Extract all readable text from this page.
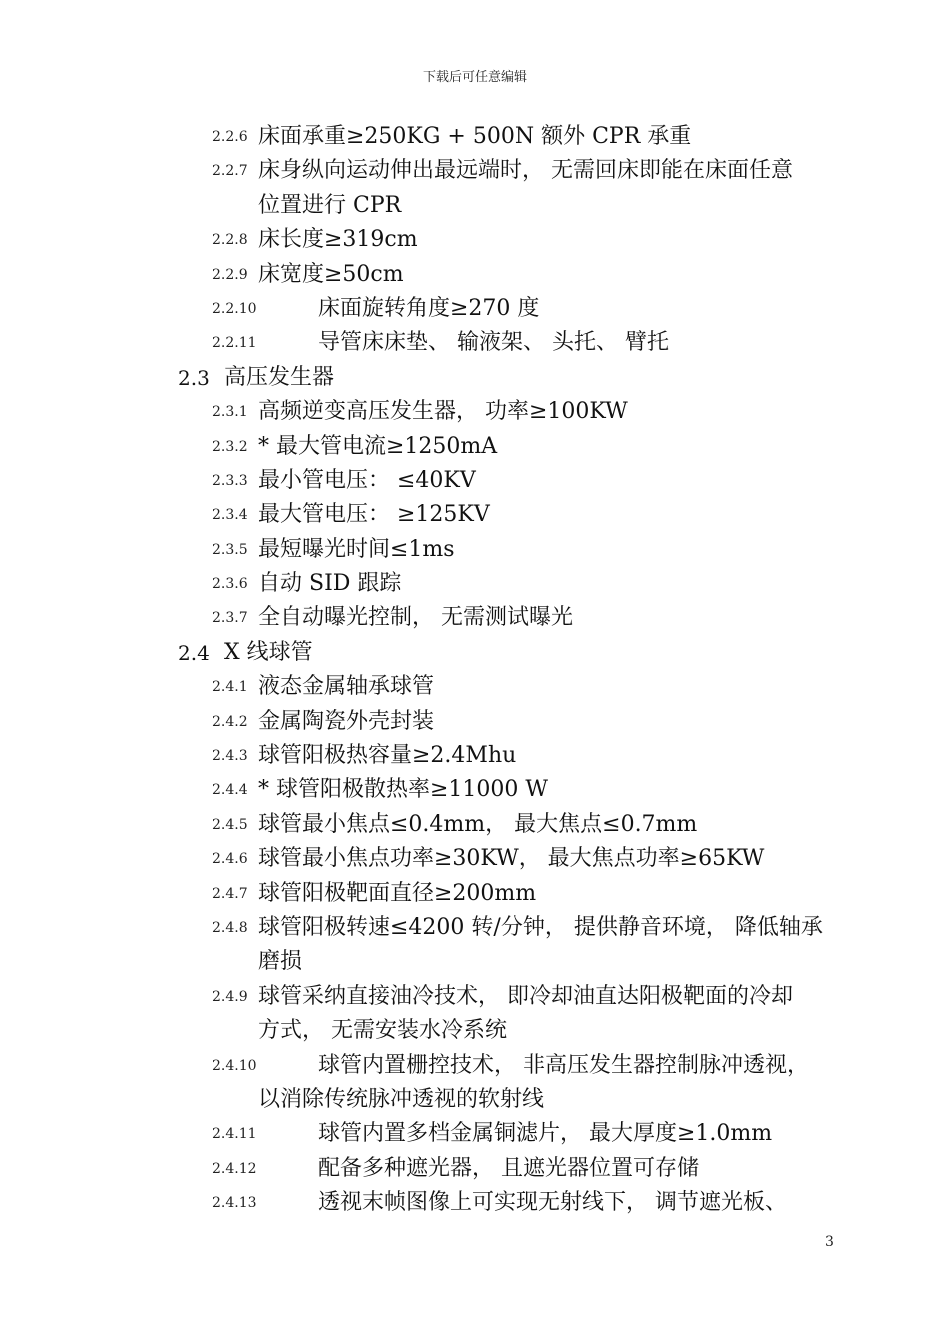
下载后可任意编辑
2.2.6 床面承重≥250KG + 500N 额外 CPR 承重
2.2.7 床身纵向运动伸出最远端时， 无需回床即能在床面任意
位置进行 CPR
2.2.8 床长度≥319cm
2.2.9 床宽度≥50cm
2.2.10	床面旋转角度≥270 度
2.2.11	导管床床垫、 输液架、 头托、 臂托
2.3 高压发生器
2.3.1 高频逆变高压发生器， 功率≥100KW
2.3.2 * 最大管电流≥1250mA
2.3.3 最小管电压： ≤40KV
2.3.4 最大管电压： ≥125KV
2.3.5 最短曝光时间≤1ms
2.3.6 自动 SID 跟踪
2.3.7 全自动曝光控制， 无需测试曝光
2.4 X 线球管
2.4.1 液态金属轴承球管
2.4.2 金属陶瓷外壳封装
2.4.3 球管阳极热容量≥2.4Mhu
2.4.4 * 球管阳极散热率≥11000 W
2.4.5 球管最小焦点≤0.4mm， 最大焦点≤0.7mm
2.4.6 球管最小焦点功率≥30KW， 最大焦点功率≥65KW
2.4.7 球管阳极靶面直径≥200mm
2.4.8 球管阳极转速≤4200 转/分钟， 提供静音环境， 降低轴承
磨损
2.4.9 球管采纳直接油冷技术， 即冷却油直达阳极靶面的冷却
方式， 无需安装水冷系统
2.4.10	球管内置栅控技术， 非高压发生器控制脉冲透视，
以消除传统脉冲透视的软射线
2.4.11	球管内置多档金属铜滤片， 最大厚度≥1.0mm
2.4.12	配备多种遮光器， 且遮光器位置可存储
2.4.13	透视末帧图像上可实现无射线下， 调节遮光板、
3
